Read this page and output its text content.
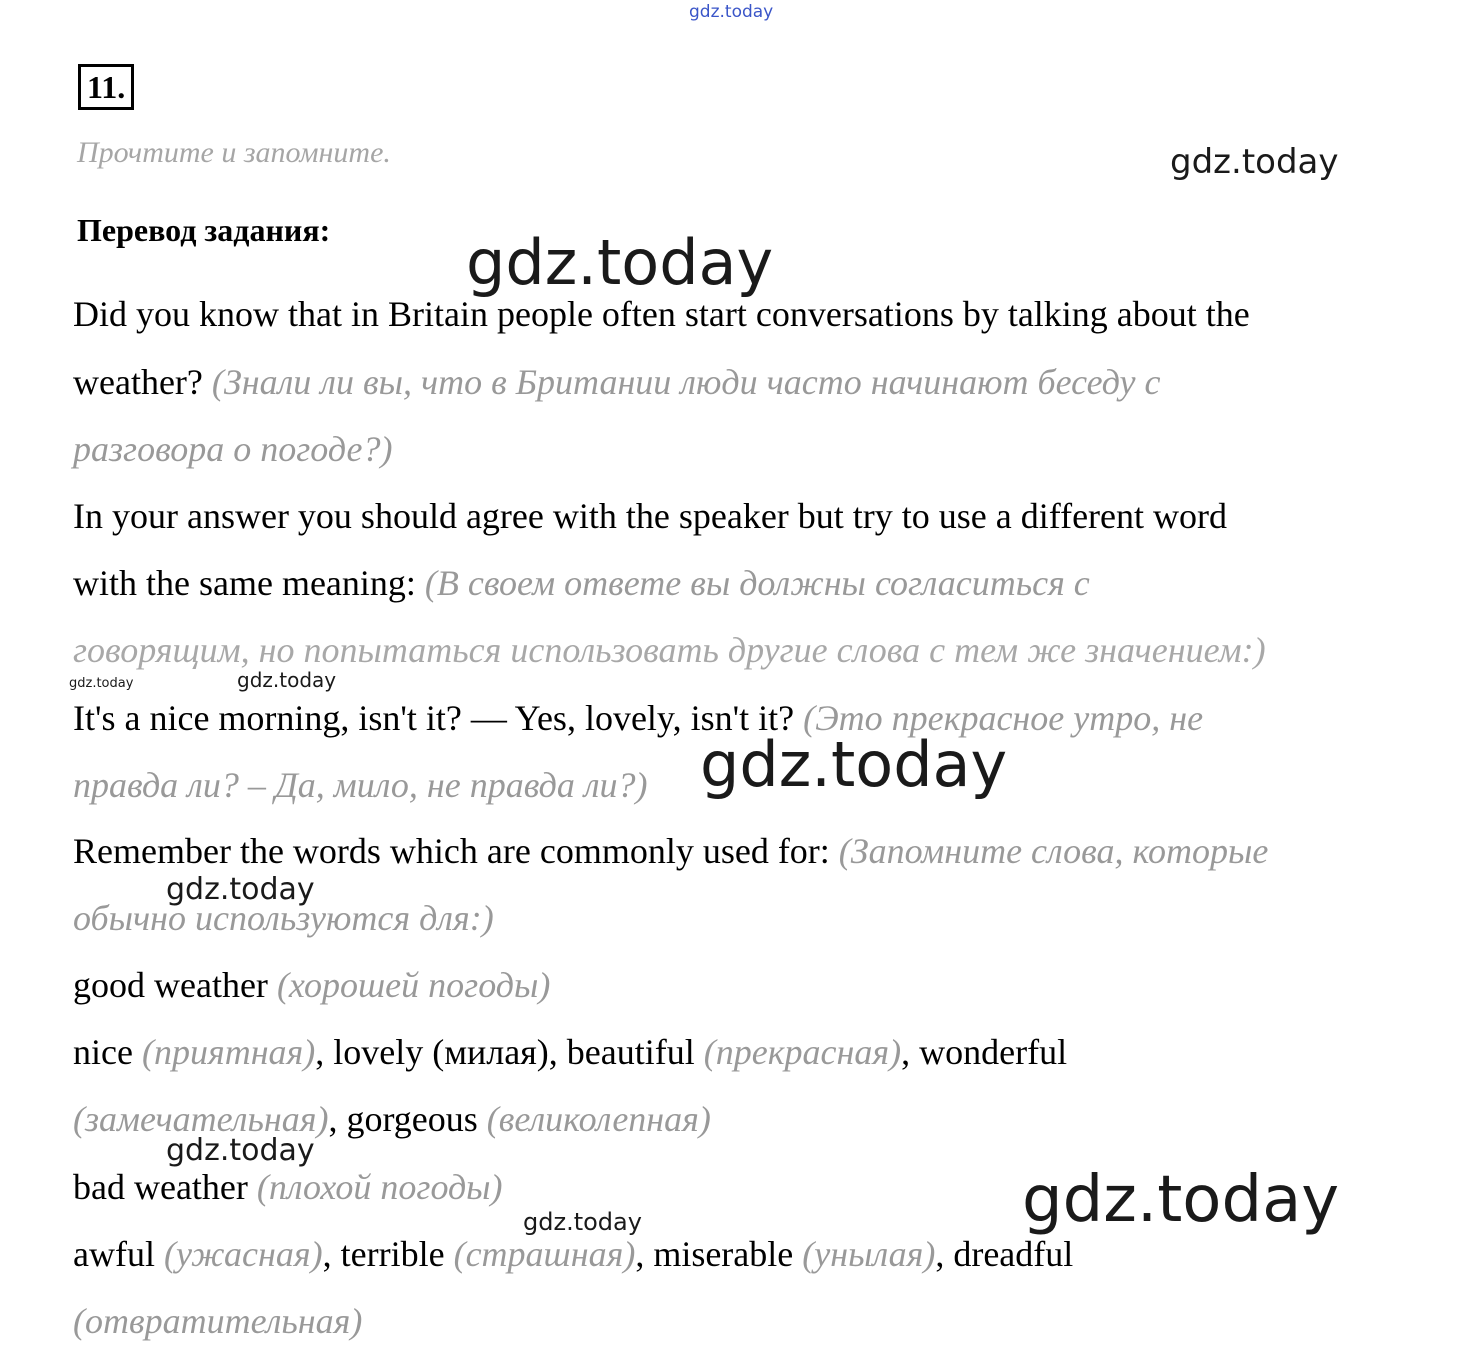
gdz.today
11.
Прочтите и запомните.
Перевод задания:
Did you know that in Britain people often start conversations by talking about the
weather? (Знали ли вы, что в Британии люди часто начинают беседу с
разговора о погоде?)
In your answer you should agree with the speaker but try to use a different word
with the same meaning: (В своем ответе вы должны согласиться с
говорящим, но попытаться использовать другие слова с тем же значением:)
It's a nice morning, isn't it? — Yes, lovely, isn't it? (Это прекрасное утро, не
правда ли? – Да, мило, не правда ли?)
Remember the words which are commonly used for: (Запомните слова, которые
обычно используются для:)
good weather (хорошей погоды)
nice (приятная), lovely (милая), beautiful (прекрасная), wonderful
(замечательная), gorgeous (великолепная)
bad weather (плохой погоды)
awful (ужасная), terrible (страшная), miserable (унылая), dreadful
(отвратительная)
gdz.today
gdz.today
gdz.today	gdz.today
gdz.today
gdz.today
gdz.today
gdz.today	gdz.today
